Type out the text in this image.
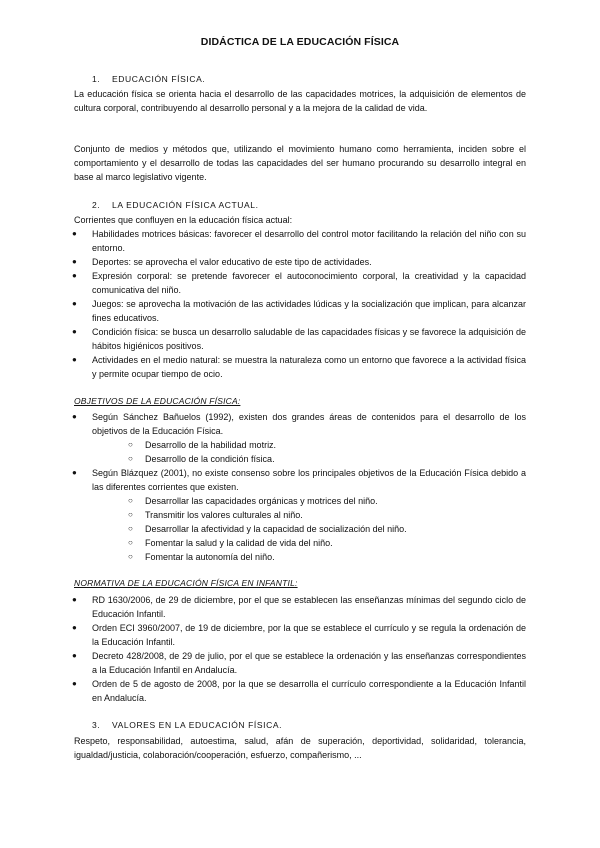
DIDÁCTICA DE LA EDUCACIÓN FÍSICA
1. EDUCACIÓN FÍSICA.
La educación física se orienta hacia el desarrollo de las capacidades motrices, la adquisición de elementos de cultura corporal, contribuyendo al desarrollo personal y a la mejora de la calidad de vida.
Conjunto de medios y métodos que, utilizando el movimiento humano como herramienta, inciden sobre el comportamiento y el desarrollo de todas las capacidades del ser humano procurando su desarrollo integral en base al marco legislativo vigente.
2. LA EDUCACIÓN FÍSICA ACTUAL.
Corrientes que confluyen en la educación física actual:
● Habilidades motrices básicas: favorecer el desarrollo del control motor facilitando la relación del niño con su entorno.

● Deportes: se aprovecha el valor educativo de este tipo de actividades.

● Expresión corporal: se pretende favorecer el autoconocimiento corporal, la creatividad y la capacidad comunicativa del niño.

● Juegos: se aprovecha la motivación de las actividades lúdicas y la socialización que implican, para alcanzar fines educativos.

● Condición física: se busca un desarrollo saludable de las capacidades físicas y se favorece la adquisición de hábitos higiénicos positivos.

● Actividades en el medio natural: se muestra la naturaleza como un entorno que favorece a la actividad física y permite ocupar tiempo de ocio.

OBJETIVOS DE LA EDUCACIÓN FÍSICA:
● Según Sánchez Bañuelos (1992), existen dos grandes áreas de contenidos para el desarrollo de los objetivos de la Educación Física.

○ Desarrollo de la habilidad motriz.
○ Desarrollo de la condición física.
● Según Blázquez (2001), no existe consenso sobre los principales objetivos de la Educación Física debido a las diferentes corrientes que existen.

○ Desarrollar las capacidades orgánicas y motrices del niño.
○ Transmitir los valores culturales al niño.
○ Desarrollar la afectividad y la capacidad de socialización del niño.
○ Fomentar la salud y la calidad de vida del niño.
○ Fomentar la autonomía del niño.
NORMATIVA DE LA EDUCACIÓN FÍSICA EN INFANTIL:
● RD 1630/2006, de 29 de diciembre, por el que se establecen las enseñanzas mínimas del segundo ciclo de Educación Infantil.

● Orden ECI 3960/2007, de 19 de diciembre, por la que se establece el currículo y se regula la ordenación de la Educación Infantil.

● Decreto 428/2008, de 29 de julio, por el que se establece la ordenación y las enseñanzas correspondientes a la Educación Infantil en Andalucía.

● Orden de 5 de agosto de 2008, por la que se desarrolla el currículo correspondiente a la Educación Infantil en Andalucía.

3. VALORES EN LA EDUCACIÓN FÍSICA.
Respeto, responsabilidad, autoestima, salud, afán de superación, deportividad, solidaridad, tolerancia, igualdad/justicia, colaboración/cooperación, esfuerzo, compañerismo, ...
